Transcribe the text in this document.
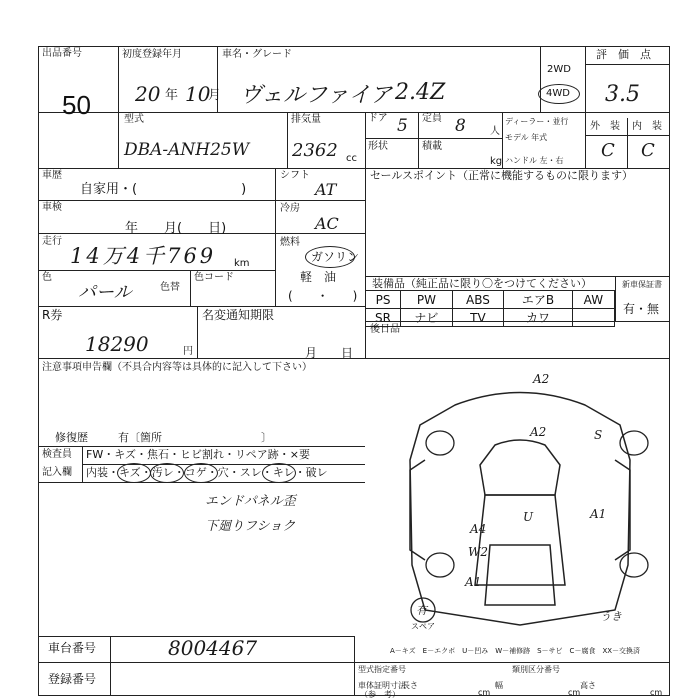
出品番号
50
初度登録年月
20 年 10
月
車名・グレード
ヴェルファイア 2.4Z
2WD
4WD
評　価　点
3.5
型式
DBA-ANH25W
排気量
2362 cc
ドア 5 定員 8 人
形状	積載
kg
ディーラー・並行
モデル 年式
ハンドル 左・右
外　装 内　装
C C
車歴
自家用・(　　　　　　　　)
シフト
AT
車検
年　　月(　　日)
冷房
AC
走行
14万4千769 km
燃料
ガソリン
軽　油
(　　・　　)
色
パール	色替
色コード
R券
18290	円
名変通知期限
月　　日
セールスポイント（正常に機能するものに限ります）
装備品（純正品に限り〇をつけてください）	新車保証書
有・無
PS	PW	ABS	エアB	AW
SR	ナビ	TV	カワ	
後日品
注意事項申告欄（不具合内容等は具体的に記入して下さい）
修復歴	有〔箇所　　　　　　　　　〕
検査員
記入欄
FW・キズ・焦石・ヒビ割れ・リペア跡・×要
内装・キズ・汚レ・コゲ・穴・スレ・キレ・破レ
エンドパネル歪
下廻りフショク
A2
A2	S
A1
A4
W2
A1
U
うき
有
スペア
A－キズ　E－エクボ　U－凹み　W－補修跡　S－サビ　C－腐食　XX－交換済
車台番号	8004467
登録番号
型式指定番号	類別区分番号
車体証明寸法
（参　考）
長さ
cm
幅
cm
高さ
cm
